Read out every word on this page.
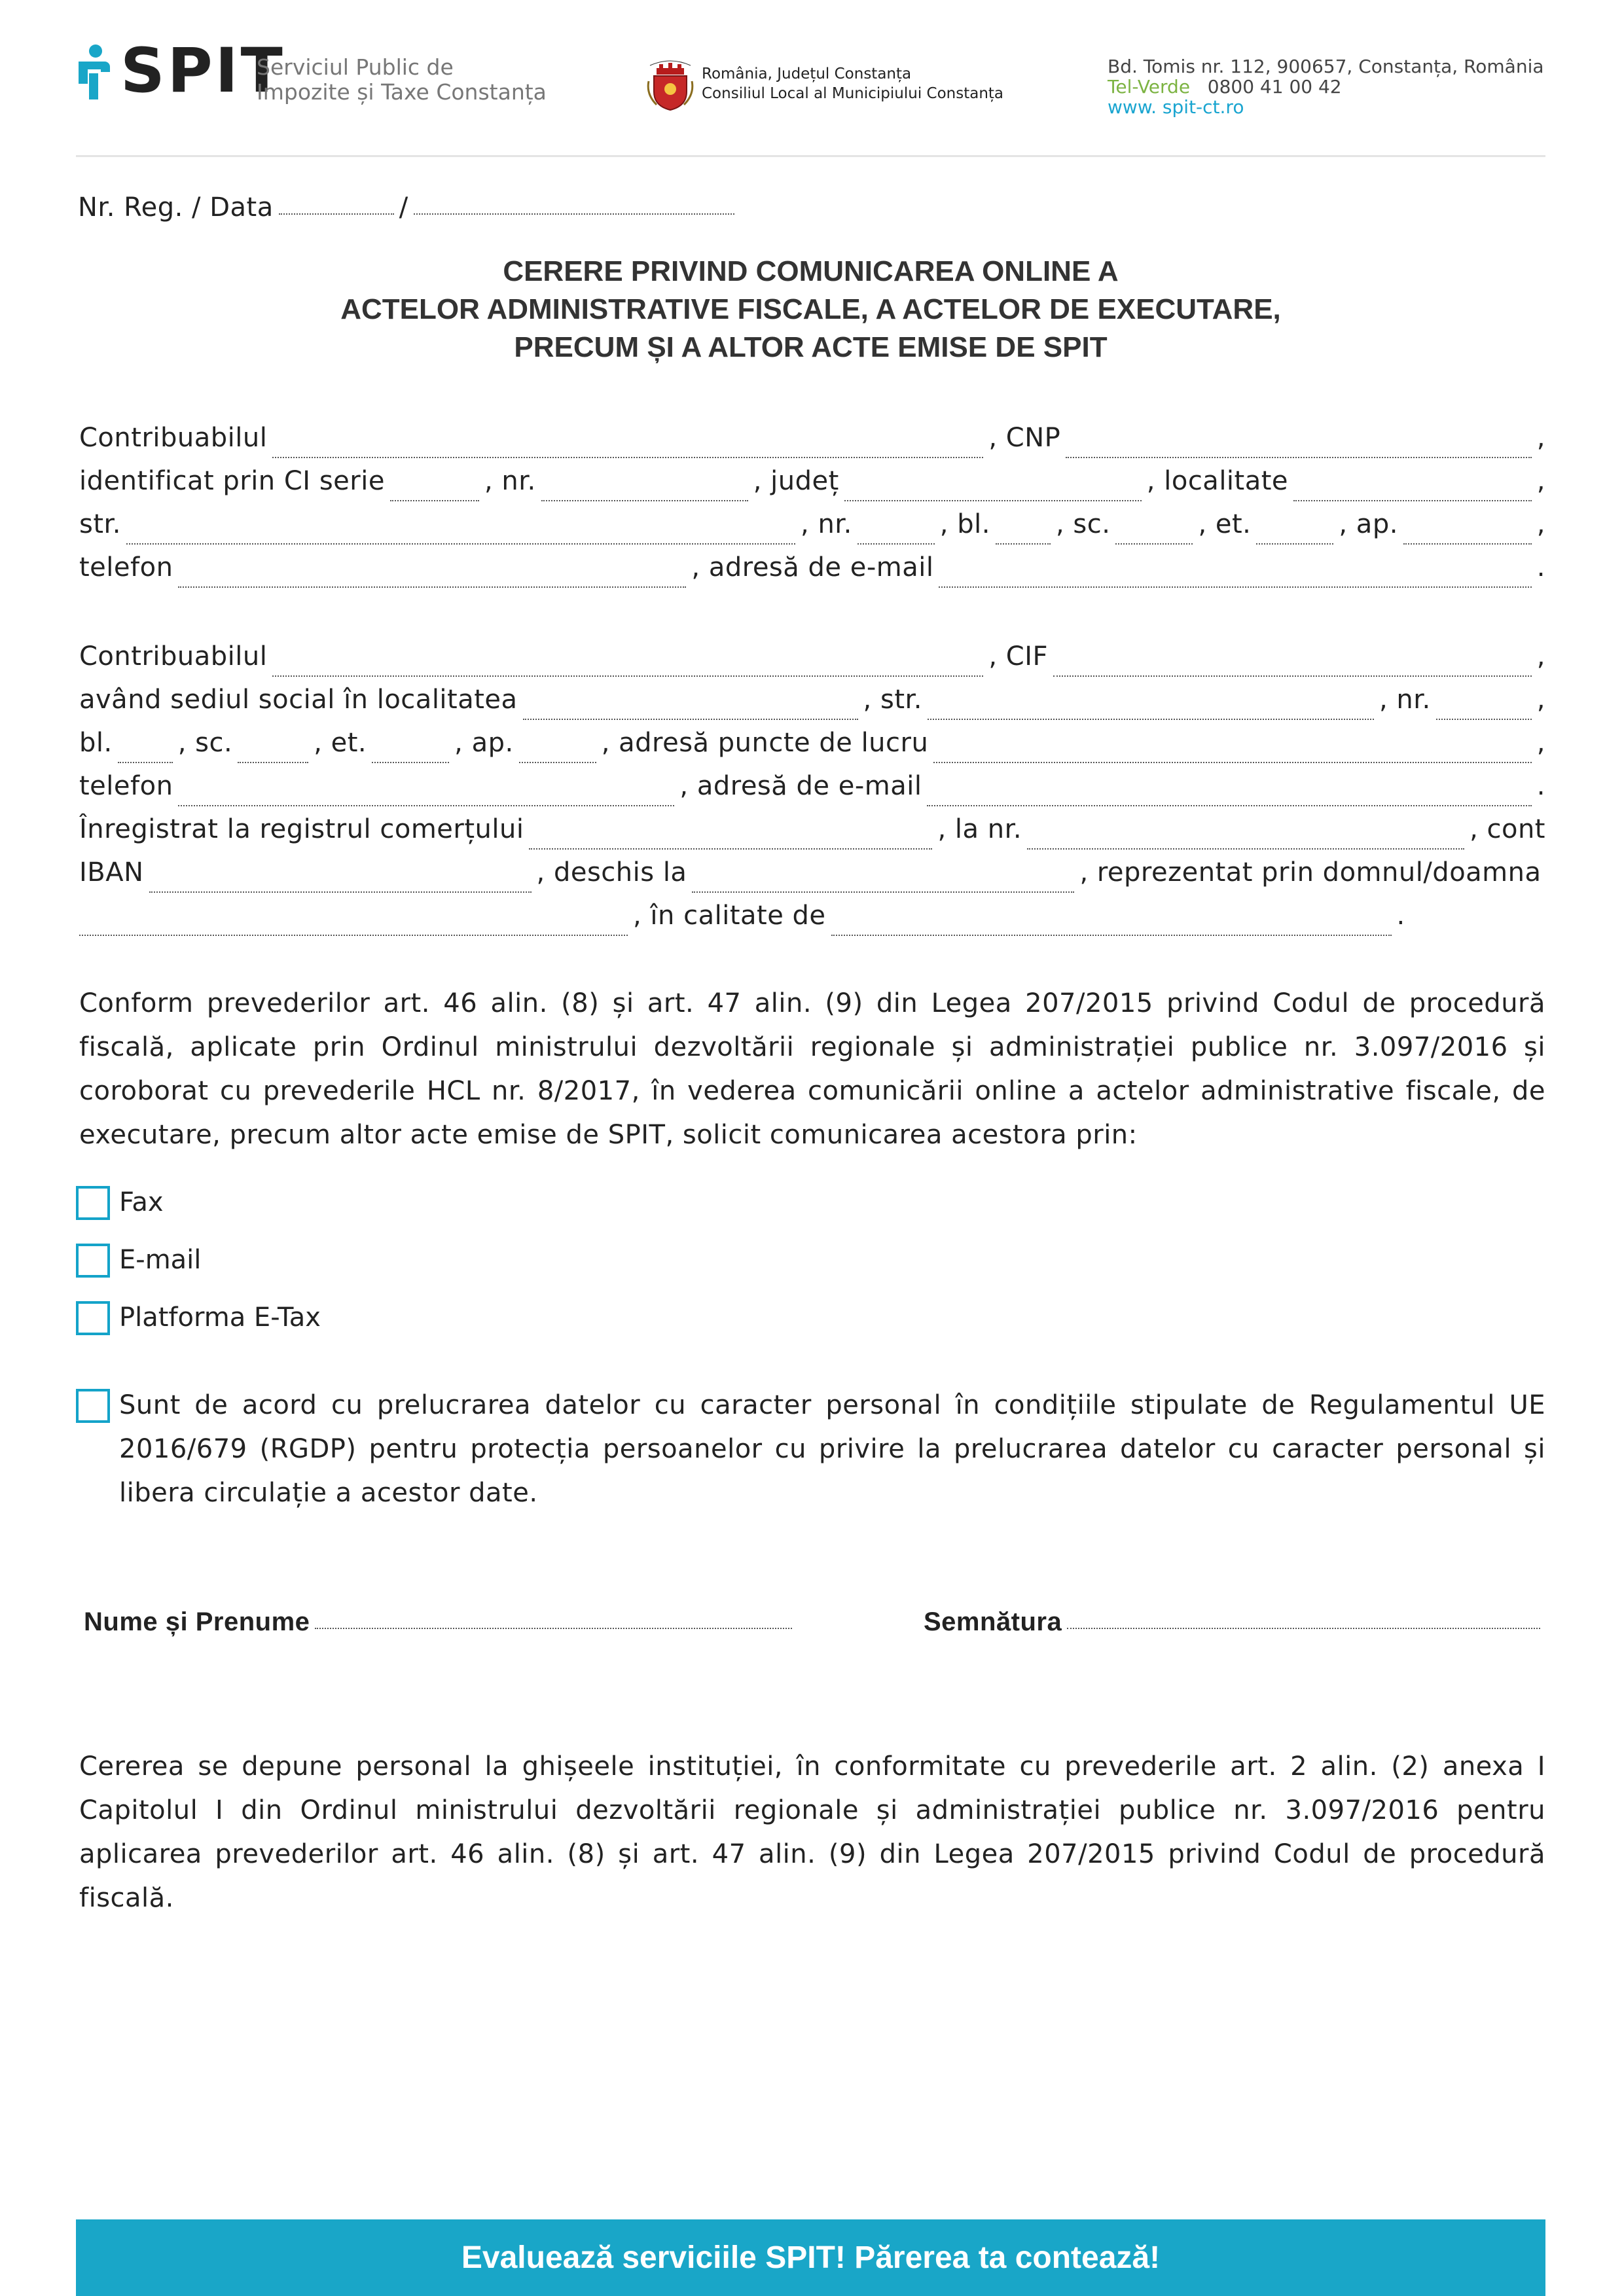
SPIT
Serviciul Public de
Impozite și Taxe Constanța
România, Județul Constanța
Consiliul Local al Municipiului Constanța
Bd. Tomis nr. 112, 900657, Constanța, România
Tel-Verde 0800 41 00 42
www. spit-ct.ro
Nr. Reg. / Data	/
CERERE PRIVIND COMUNICAREA ONLINE A
ACTELOR ADMINISTRATIVE FISCALE, A ACTELOR DE EXECUTARE,
PRECUM ȘI A ALTOR ACTE EMISE DE SPIT
Contribuabilul	, CNP	,
identificat prin CI serie	, nr.	, județ	, localitate	,
str.	, nr.	, bl.	, sc.	, et.	, ap.	,
telefon	, adresă de e-mail	.
Contribuabilul	, CIF	,
având sediul social în localitatea	, str.	, nr.	,
bl.	, sc.	, et.	, ap.	, adresă puncte de lucru	,
telefon	, adresă de e-mail	.
Înregistrat la registrul comerțului	, la nr.	, cont
IBAN	, deschis la	, reprezentat prin domnul/doamna
, în calitate de	.
Conform prevederilor art. 46 alin. (8) și art. 47 alin. (9) din Legea 207/2015 privind Codul de procedură fiscală, aplicate prin Ordinul ministrului dezvoltării regionale și administrației publice nr. 3.097/2016 și coroborat cu prevederile HCL nr. 8/2017, în vederea comunicării online a actelor administrative fiscale, de executare, precum altor acte emise de SPIT, solicit comunicarea acestora prin:
Fax
E-mail
Platforma E-Tax
Sunt de acord cu prelucrarea datelor cu caracter personal în condițiile stipulate de Regulamentul UE 2016/679 (RGDP) pentru protecția persoanelor cu privire la prelucrarea datelor cu caracter personal și libera circulație a acestor date.
Nume și Prenume	Semnătura
Cererea se depune personal la ghișeele instituției, în conformitate cu prevederile art. 2 alin. (2) anexa I Capitolul I din Ordinul ministrului dezvoltării regionale și administrației publice nr. 3.097/2016 pentru aplicarea prevederilor art. 46 alin. (8) și art. 47 alin. (9) din Legea 207/2015 privind Codul de procedură fiscală.
Evaluează serviciile SPIT! Părerea ta contează!
